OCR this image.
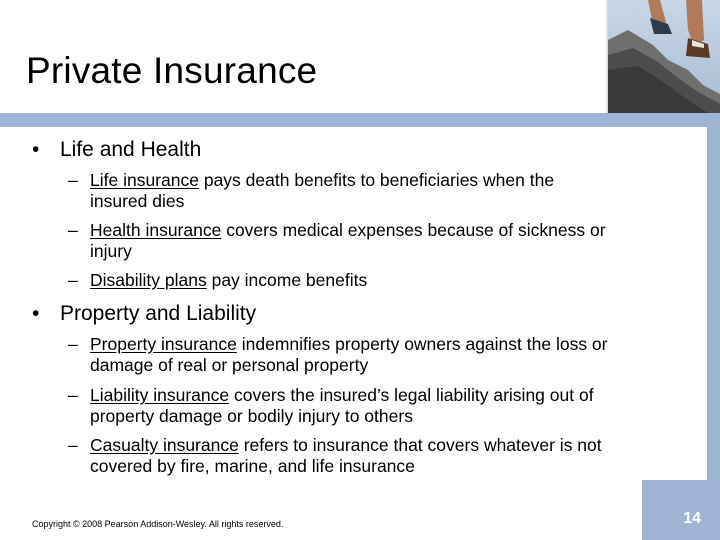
Private Insurance
• Life and Health
– Life insurance pays death benefits to beneficiaries when the insured dies
– Health insurance covers medical expenses because of sickness or injury
– Disability plans pay income benefits
• Property and Liability
– Property insurance indemnifies property owners against the loss or damage of real or personal property
– Liability insurance covers the insured’s legal liability arising out of property damage or bodily injury to others
– Casualty insurance refers to insurance that covers whatever is not covered by fire, marine, and life insurance
Copyright © 2008 Pearson Addison-Wesley. All rights reserved.	14
